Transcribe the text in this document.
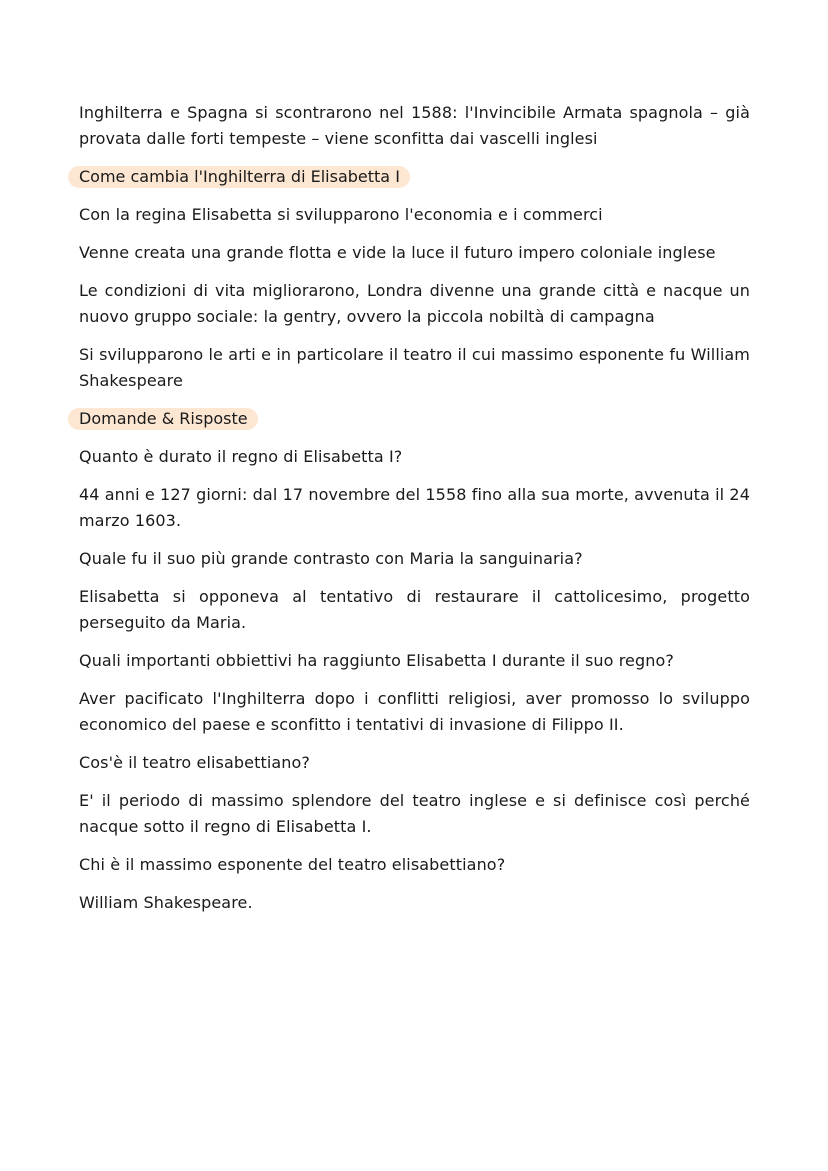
Inghilterra e Spagna si scontrarono nel 1588: l'Invincibile Armata spagnola – già provata dalle forti tempeste – viene sconfitta dai vascelli inglesi

Come cambia l'Inghilterra di Elisabetta I

Con la regina Elisabetta si svilupparono l'economia e i commerci

Venne creata una grande flotta e vide la luce il futuro impero coloniale inglese

Le condizioni di vita migliorarono, Londra divenne una grande città e nacque un nuovo gruppo sociale: la gentry, ovvero la piccola nobiltà di campagna

Si svilupparono le arti e in particolare il teatro il cui massimo esponente fu William Shakespeare

Domande & Risposte

Quanto è durato il regno di Elisabetta I?

44 anni e 127 giorni: dal 17 novembre del 1558 fino alla sua morte, avvenuta il 24 marzo 1603.

Quale fu il suo più grande contrasto con Maria la sanguinaria?

Elisabetta si opponeva al tentativo di restaurare il cattolicesimo, progetto perseguito da Maria.

Quali importanti obbiettivi ha raggiunto Elisabetta I durante il suo regno?

Aver pacificato l'Inghilterra dopo i conflitti religiosi, aver promosso lo sviluppo economico del paese e sconfitto i tentativi di invasione di Filippo II.

Cos'è il teatro elisabettiano?

E' il periodo di massimo splendore del teatro inglese e si definisce così perché nacque sotto il regno di Elisabetta I.

Chi è il massimo esponente del teatro elisabettiano?

William Shakespeare.
